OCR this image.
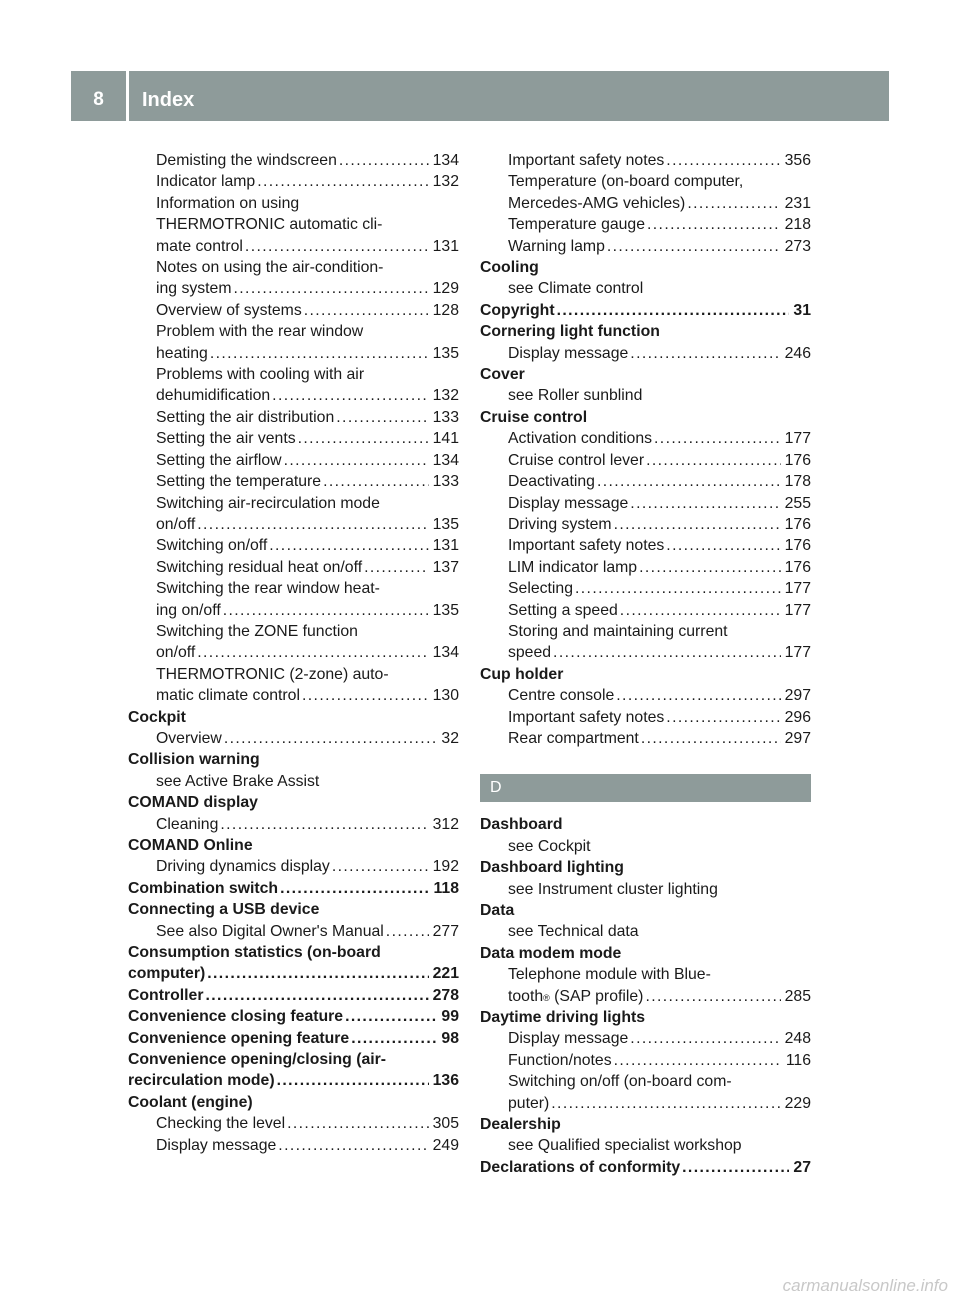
8	Index
Demisting the windscreen . . .	134
Indicator lamp . . .	132
Information on using
THERMOTRONIC automatic cli-
mate control . . .	131
Notes on using the air-condition-
ing system . . .	129
Overview of systems . . .	128
Problem with the rear window
heating . . .	135
Problems with cooling with air
dehumidification . . .	132
Setting the air distribution . . .	133
Setting the air vents . . .	141
Setting the airflow . . .	134
Setting the temperature . . .	133
Switching air-recirculation mode
on/off . . .	135
Switching on/off . . .	131
Switching residual heat on/off . . .	137
Switching the rear window heat-
ing on/off . . .	135
Switching the ZONE function
on/off . . .	134
THERMOTRONIC (2-zone) auto-
matic climate control . . .	130
Cockpit
Overview . . .	32
Collision warning
see Active Brake Assist
COMAND display
Cleaning . . .	312
COMAND Online
Driving dynamics display . . .	192
Combination switch . . .	118
Connecting a USB device
See also Digital Owner's Manual . . .	277
Consumption statistics (on-board
computer) . . .	221
Controller . . .	278
Convenience closing feature . . .	99
Convenience opening feature . . .	98
Convenience opening/closing (air-
recirculation mode) . . .	136
Coolant (engine)
Checking the level . . .	305
Display message . . .	249
Important safety notes . . .	356
Temperature (on-board computer,
Mercedes-AMG vehicles) . . .	231
Temperature gauge . . .	218
Warning lamp . . .	273
Cooling
see Climate control
Copyright . . .	31
Cornering light function
Display message . . .	246
Cover
see Roller sunblind
Cruise control
Activation conditions . . .	177
Cruise control lever . . .	176
Deactivating . . .	178
Display message . . .	255
Driving system . . .	176
Important safety notes . . .	176
LIM indicator lamp . . .	176
Selecting . . .	177
Setting a speed . . .	177
Storing and maintaining current
speed . . .	177
Cup holder
Centre console . . .	297
Important safety notes . . .	296
Rear compartment . . .	297
D
Dashboard
see Cockpit
Dashboard lighting
see Instrument cluster lighting
Data
see Technical data
Data modem mode
Telephone module with Blue-
tooth ® (SAP profile) . . .	285
Daytime driving lights
Display message . . .	248
Function/notes . . .	116
Switching on/off (on-board com-
puter) . . .	229
Dealership
see Qualified specialist workshop
Declarations of conformity . . .	27
carmanualsonline.info
